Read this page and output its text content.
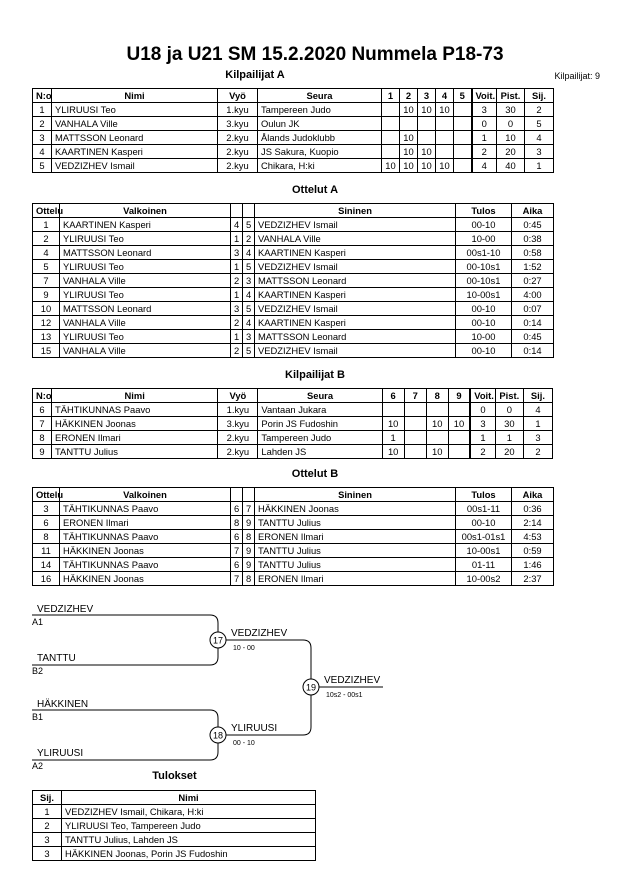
U18 ja U21 SM 15.2.2020 Nummela P18-73
Kilpailijat A	Kilpailijat: 9
N:o	Nimi	Vyö	Seura	1	2	3	4	5	Voit.	Pist.	Sij.
1	YLIRUUSI Teo	1.kyu	Tampereen Judo		10	10	10		3	30	2
2	VANHALA Ville	3.kyu	Oulun JK						0	0	5
3	MATTSSON Leonard	2.kyu	Ålands Judoklubb		10				1	10	4
4	KAARTINEN Kasperi	2.kyu	JS Sakura, Kuopio		10	10			2	20	3
5	VEDZIZHEV Ismail	2.kyu	Chikara, H:ki	10	10	10	10		4	40	1
Ottelut A
Ottelu	Valkoinen			Sininen	Tulos	Aika
1	KAARTINEN Kasperi	4	5	VEDZIZHEV Ismail	00-10	0:45
2	YLIRUUSI Teo	1	2	VANHALA Ville	10-00	0:38
4	MATTSSON Leonard	3	4	KAARTINEN Kasperi	00s1-10	0:58
5	YLIRUUSI Teo	1	5	VEDZIZHEV Ismail	00-10s1	1:52
7	VANHALA Ville	2	3	MATTSSON Leonard	00-10s1	0:27
9	YLIRUUSI Teo	1	4	KAARTINEN Kasperi	10-00s1	4:00
10	MATTSSON Leonard	3	5	VEDZIZHEV Ismail	00-10	0:07
12	VANHALA Ville	2	4	KAARTINEN Kasperi	00-10	0:14
13	YLIRUUSI Teo	1	3	MATTSSON Leonard	10-00	0:45
15	VANHALA Ville	2	5	VEDZIZHEV Ismail	00-10	0:14
Kilpailijat B
N:o	Nimi	Vyö	Seura	6	7	8	9	Voit.	Pist.	Sij.
6	TÄHTIKUNNAS Paavo	1.kyu	Vantaan Jukara					0	0	4
7	HÄKKINEN Joonas	3.kyu	Porin JS Fudoshin	10		10	10	3	30	1
8	ERONEN Ilmari	2.kyu	Tampereen Judo	1				1	1	3
9	TANTTU Julius	2.kyu	Lahden JS	10		10		2	20	2
Ottelut B
Ottelu	Valkoinen			Sininen	Tulos	Aika
3	TÄHTIKUNNAS Paavo	6	7	HÄKKINEN Joonas	00s1-11	0:36
6	ERONEN Ilmari	8	9	TANTTU Julius	00-10	2:14
8	TÄHTIKUNNAS Paavo	6	8	ERONEN Ilmari	00s1-01s1	4:53
11	HÄKKINEN Joonas	7	9	TANTTU Julius	10-00s1	0:59
14	TÄHTIKUNNAS Paavo	6	9	TANTTU Julius	01-11	1:46
16	HÄKKINEN Joonas	7	8	ERONEN Ilmari	10-00s2	2:37
17
18
19
VEDZIZHEV
A1
TANTTU
B2
HÄKKINEN
B1
YLIRUUSI
A2
VEDZIZHEV
10 - 00
YLIRUUSI
00 - 10
VEDZIZHEV
10s2 - 00s1
Tulokset
Sij.	Nimi
1	VEDZIZHEV Ismail, Chikara, H:ki
2	YLIRUUSI Teo, Tampereen Judo
3	TANTTU Julius, Lahden JS
3	HÄKKINEN Joonas, Porin JS Fudoshin
